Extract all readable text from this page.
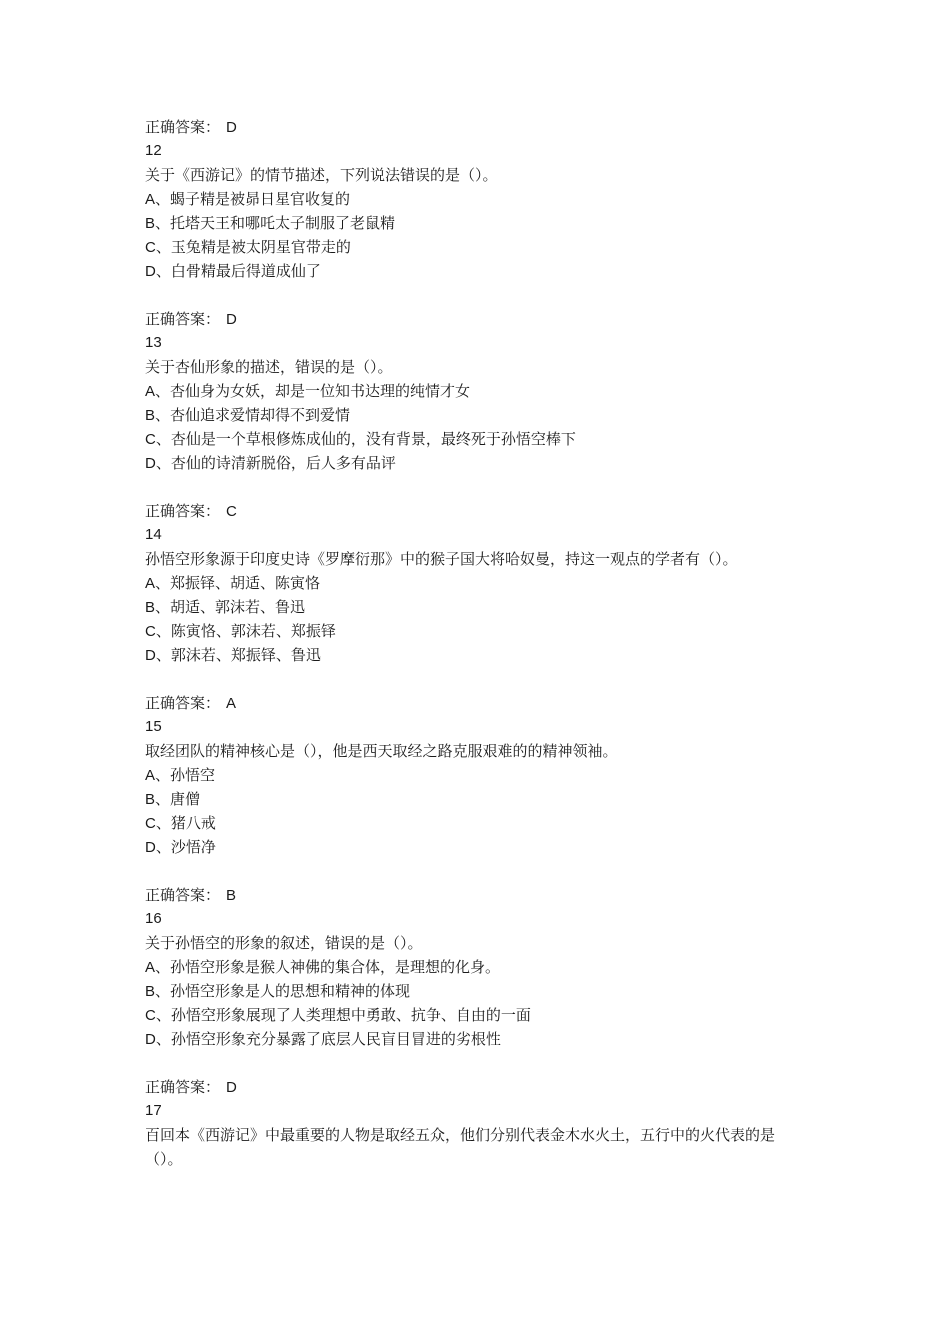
正确答案： D
12
关于《西游记》的情节描述，下列说法错误的是（）。
A、蝎子精是被昴日星官收复的
B、托塔天王和哪吒太子制服了老鼠精
C、玉兔精是被太阴星官带走的
D、白骨精最后得道成仙了
正确答案： D
13
关于杏仙形象的描述，错误的是（）。
A、杏仙身为女妖，却是一位知书达理的纯情才女
B、杏仙追求爱情却得不到爱情
C、杏仙是一个草根修炼成仙的，没有背景，最终死于孙悟空棒下
D、杏仙的诗清新脱俗，后人多有品评
正确答案： C
14
孙悟空形象源于印度史诗《罗摩衍那》中的猴子国大将哈奴曼，持这一观点的学者有（）。
A、郑振铎、胡适、陈寅恪
B、胡适、郭沫若、鲁迅
C、陈寅恪、郭沫若、郑振铎
D、郭沫若、郑振铎、鲁迅
正确答案： A
15
取经团队的精神核心是（），他是西天取经之路克服艰难的的精神领袖。
A、孙悟空
B、唐僧
C、猪八戒
D、沙悟净
正确答案： B
16
关于孙悟空的形象的叙述，错误的是（）。
A、孙悟空形象是猴人神佛的集合体，是理想的化身。
B、孙悟空形象是人的思想和精神的体现
C、孙悟空形象展现了人类理想中勇敢、抗争、自由的一面
D、孙悟空形象充分暴露了底层人民盲目冒进的劣根性
正确答案： D
17
百回本《西游记》中最重要的人物是取经五众，他们分别代表金木水火土，五行中的火代表的是（）。
